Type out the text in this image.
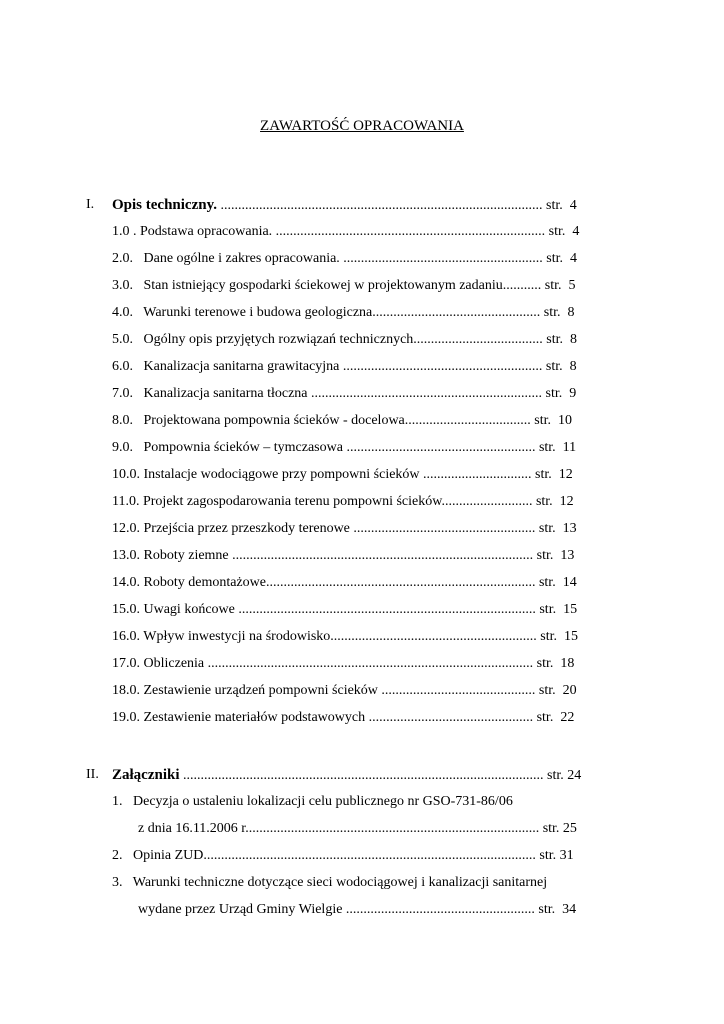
ZAWARTOŚĆ OPRACOWANIA
I. Opis techniczny. ............................................................................................ str.  4
1.0 . Podstawa opracowania. ............................................................................. str.  4
2.0.   Dane ogólne i zakres opracowania. ......................................................... str.  4
3.0.   Stan istniejący gospodarki ściekowej w projektowanym zadaniu........... str.  5
4.0.   Warunki terenowe i budowa geologiczna................................................ str.  8
5.0.   Ogólny opis przyjętych rozwiązań technicznych..................................... str.  8
6.0.   Kanalizacja sanitarna grawitacyjna ......................................................... str.  8
7.0.   Kanalizacja sanitarna tłoczna .................................................................. str.  9
8.0.   Projektowana pompownia ścieków - docelowa.................................... str.  10
9.0.   Pompownia ścieków – tymczasowa ...................................................... str.  11
10.0. Instalacje wodociągowe przy pompowni ścieków ............................... str.  12
11.0. Projekt zagospodarowania terenu pompowni ścieków.......................... str.  12
12.0. Przejścia przez przeszkody terenowe .................................................... str.  13
13.0. Roboty ziemne ...................................................................................... str.  13
14.0. Roboty demontażowe............................................................................. str.  14
15.0. Uwagi końcowe ..................................................................................... str.  15
16.0. Wpływ inwestycji na środowisko........................................................... str.  15
17.0. Obliczenia ............................................................................................. str.  18
18.0. Zestawienie urządzeń pompowni ścieków ............................................ str.  20
19.0. Zestawienie materiałów podstawowych ............................................... str.  22
II. Załączniki ....................................................................................................... str. 24
1.   Decyzja o ustaleniu lokalizacji celu publicznego nr GSO-731-86/06
z dnia 16.11.2006 r.................................................................................... str. 25
2.   Opinia ZUD............................................................................................... str. 31
3.   Warunki techniczne dotyczące sieci wodociągowej i kanalizacji sanitarnej
wydane przez Urząd Gminy Wielgie ...................................................... str.  34
